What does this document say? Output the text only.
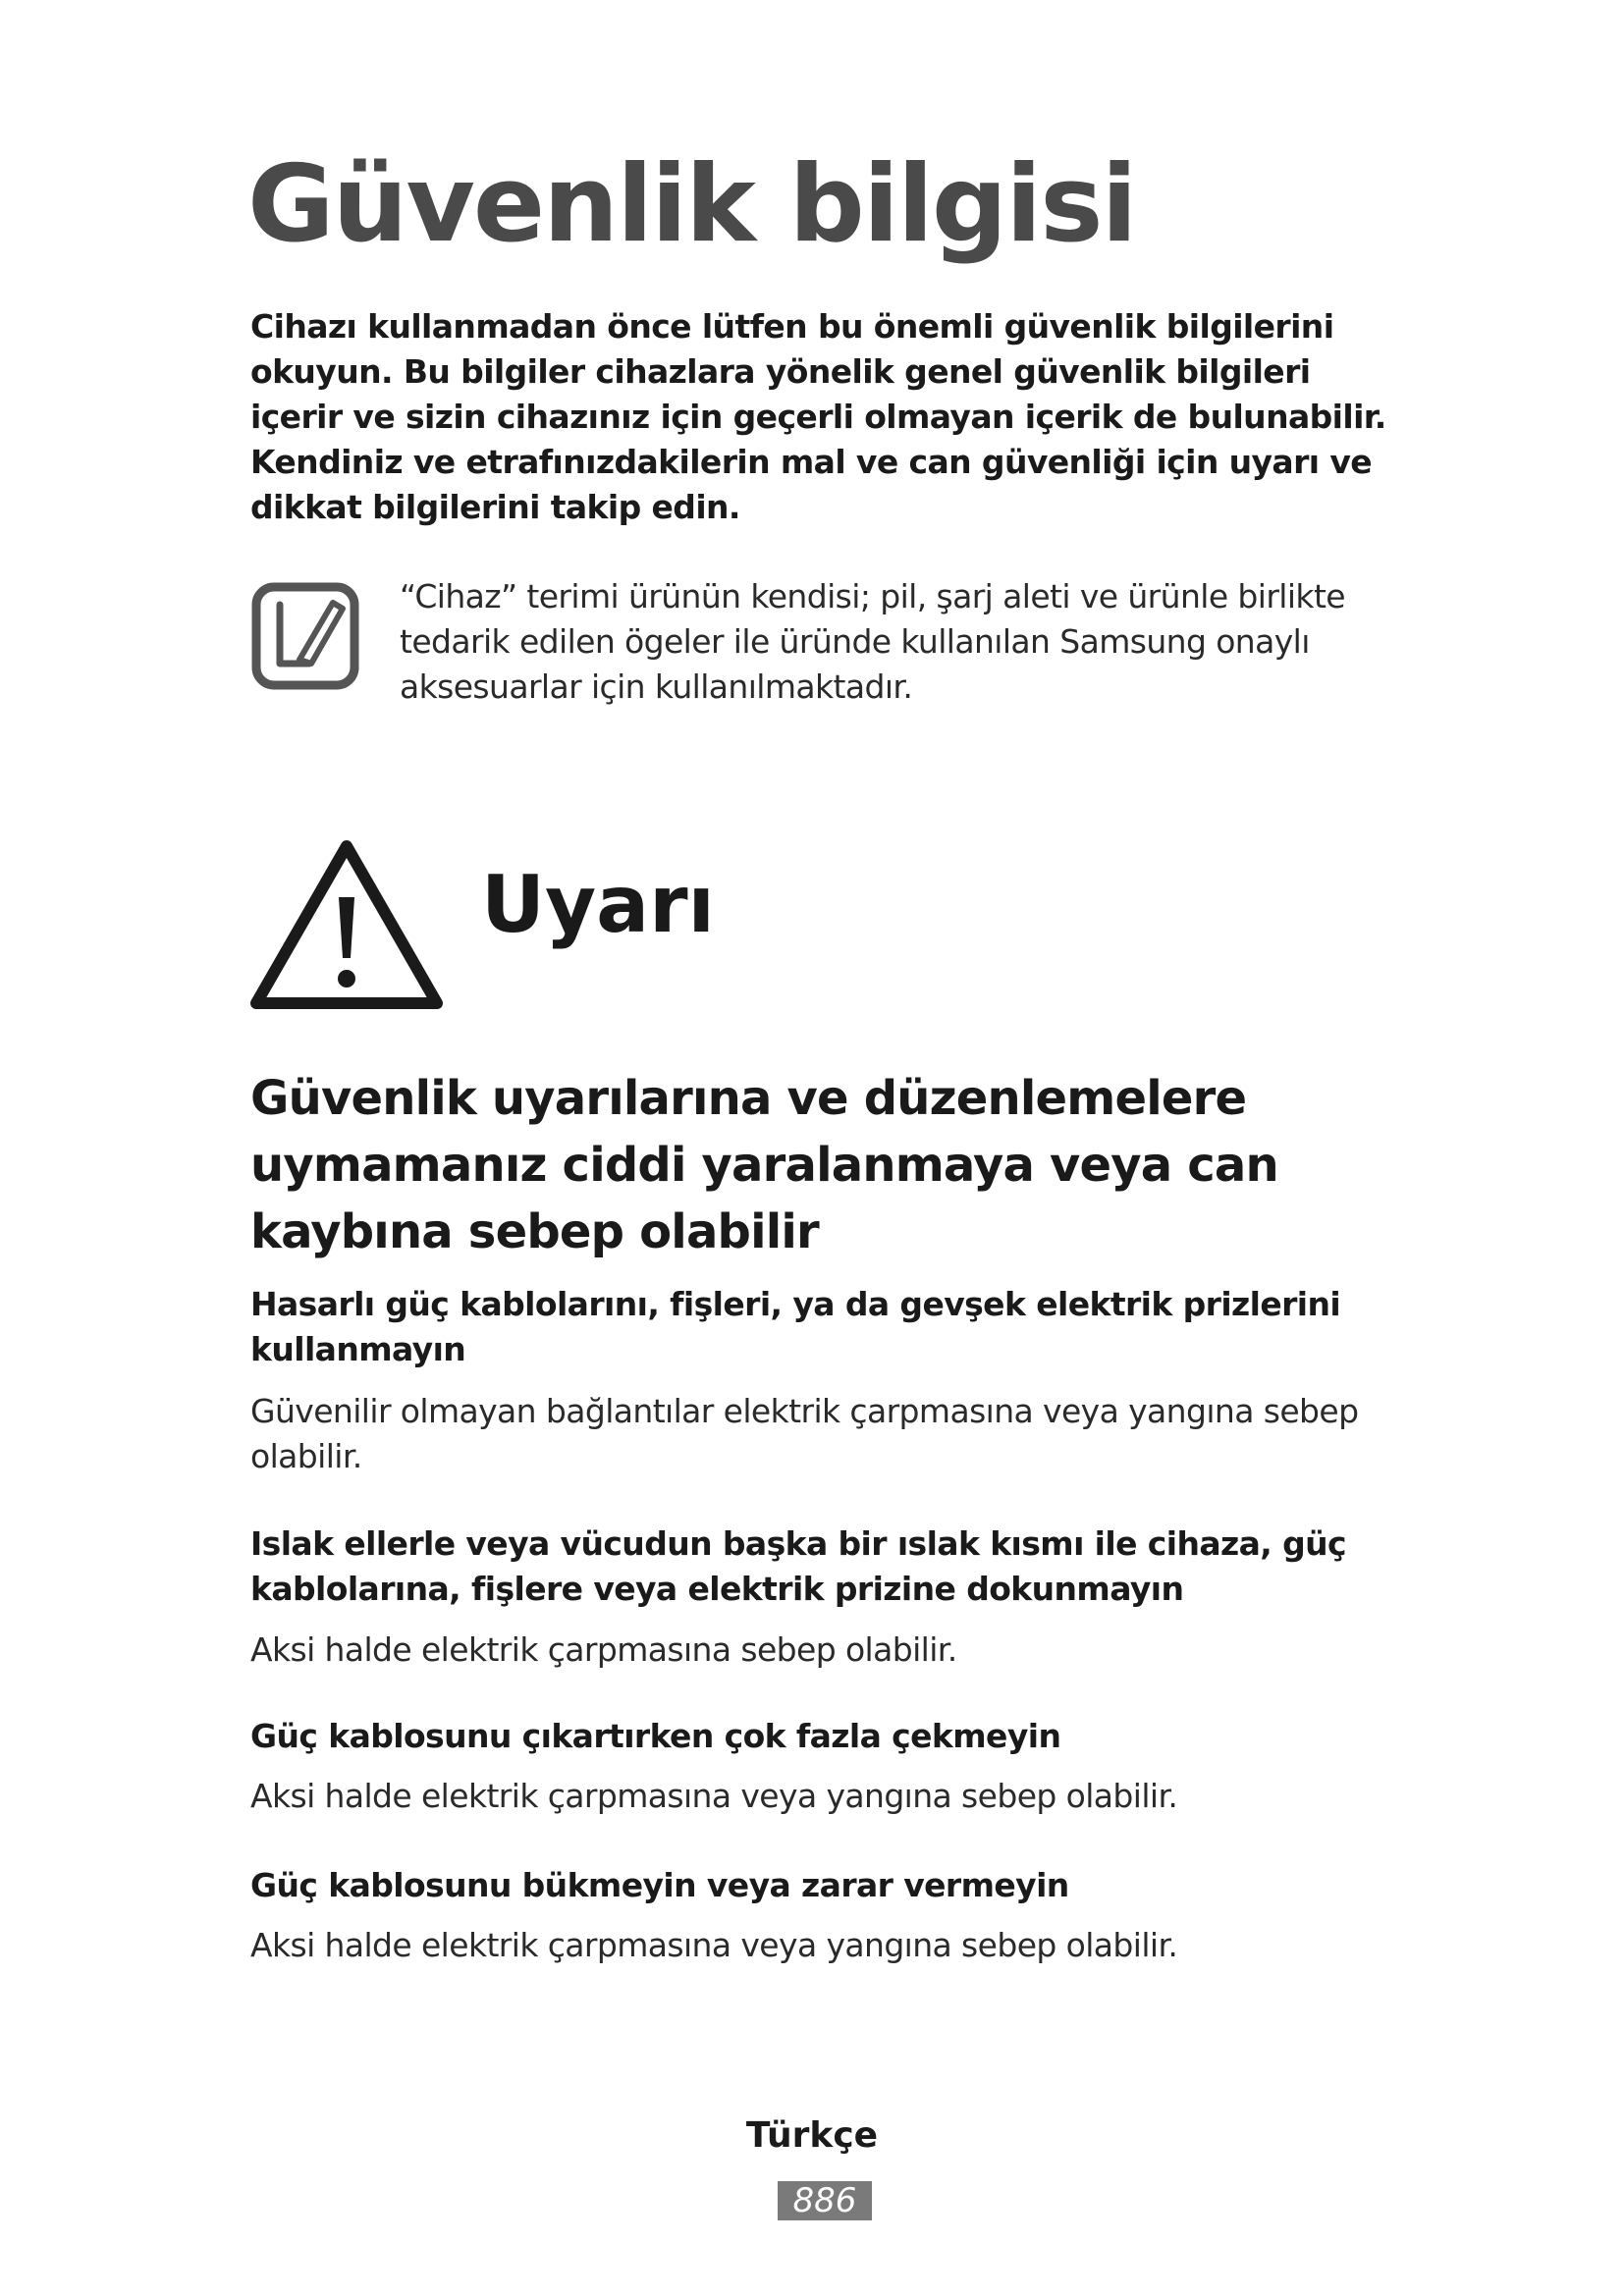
Güvenlik bilgisi

Cihazı kullanmadan önce lütfen bu önemli güvenlik bilgilerini okuyun. Bu bilgiler cihazlara yönelik genel güvenlik bilgileri içerir ve sizin cihazınız için geçerli olmayan içerik de bulunabilir. Kendiniz ve etrafınızdakilerin mal ve can güvenliği için uyarı ve dikkat bilgilerini takip edin.

“Cihaz” terimi ürünün kendisi; pil, şarj aleti ve ürünle birlikte tedarik edilen ögeler ile üründe kullanılan Samsung onaylı aksesuarlar için kullanılmaktadır.

Uyarı
Güvenlik uyarılarına ve düzenlemelere uymamanız ciddi yaralanmaya veya can kaybına sebep olabilir
Hasarlı güç kablolarını, fişleri, ya da gevşek elektrik prizlerini kullanmayın

Güvenilir olmayan bağlantılar elektrik çarpmasına veya yangına sebep olabilir.

Islak ellerle veya vücudun başka bir ıslak kısmı ile cihaza, güç kablolarına, fişlere veya elektrik prizine dokunmayın

Aksi halde elektrik çarpmasına sebep olabilir.

Güç kablosunu çıkartırken çok fazla çekmeyin

Aksi halde elektrik çarpmasına veya yangına sebep olabilir.

Güç kablosunu bükmeyin veya zarar vermeyin

Aksi halde elektrik çarpmasına veya yangına sebep olabilir.

Türkçe

886
